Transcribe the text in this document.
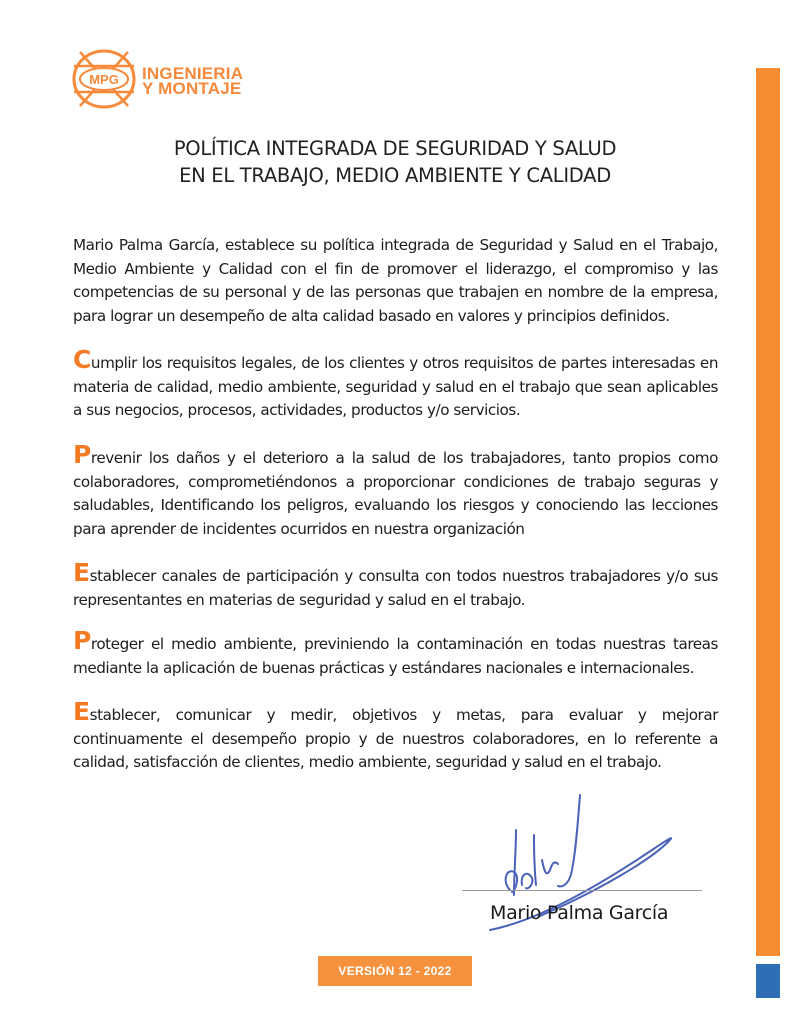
MPG INGENIERIA
Y MONTAJE
POLÍTICA INTEGRADA DE SEGURIDAD Y SALUD
EN EL TRABAJO, MEDIO AMBIENTE Y CALIDAD
Mario Palma García, establece su política integrada de Seguridad y Salud en el Trabajo, Medio Ambiente y Calidad con el fin de promover el liderazgo, el compromiso y las competencias de su personal y de las personas que trabajen en nombre de la empresa, para lograr un desempeño de alta calidad basado en valores y principios definidos.
Cumplir los requisitos legales, de los clientes y otros requisitos de partes interesadas en materia de calidad, medio ambiente, seguridad y salud en el trabajo que sean aplicables a sus negocios, procesos, actividades, productos y/o servicios.
Prevenir los daños y el deterioro a la salud de los trabajadores, tanto propios como colaboradores, comprometiéndonos a proporcionar condiciones de trabajo seguras y saludables, Identificando los peligros, evaluando los riesgos y conociendo las lecciones para aprender de incidentes ocurridos en nuestra organización
Establecer canales de participación y consulta con todos nuestros trabajadores y/o sus representantes en materias de seguridad y salud en el trabajo.
Proteger el medio ambiente, previniendo la contaminación en todas nuestras tareas mediante la aplicación de buenas prácticas y estándares nacionales e internacionales.
Establecer, comunicar y medir, objetivos y metas, para evaluar y mejorar continuamente el desempeño propio y de nuestros colaboradores, en lo referente a calidad, satisfacción de clientes, medio ambiente, seguridad y salud en el trabajo.
Mario Palma García
VERSIÓN 12 - 2022
